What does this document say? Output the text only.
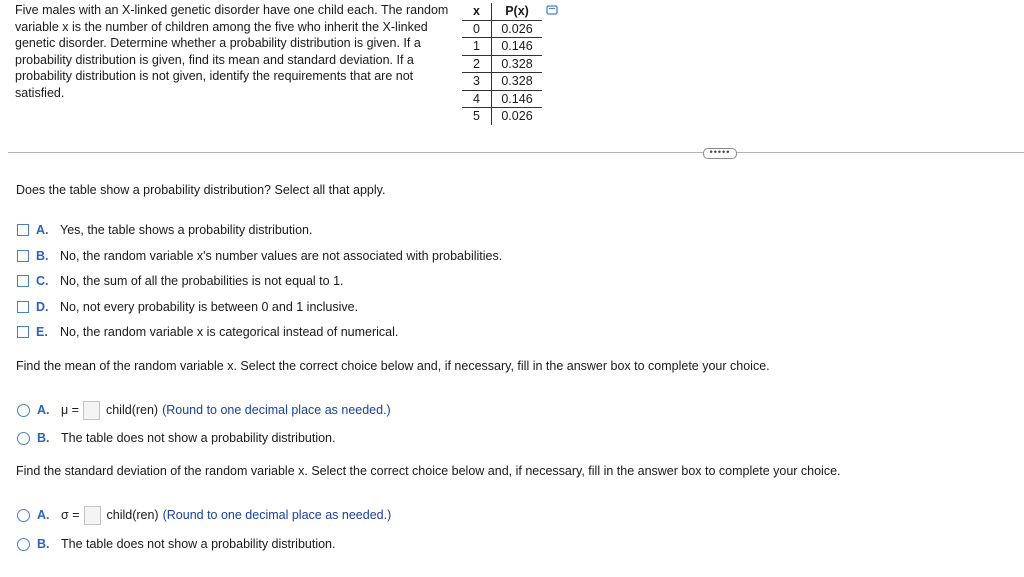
Five males with an X-linked genetic disorder have one child each. The random variable x is the number of children among the five who inherit the X-linked genetic disorder. Determine whether a probability distribution is given. If a probability distribution is given, find its mean and standard deviation. If a probability distribution is not given, identify the requirements that are not satisfied.
x	P(x)
0	0.026
1	0.146
2	0.328
3	0.328
4	0.146
5	0.026
•••••
Does the table show a probability distribution? Select all that apply.
A. Yes, the table shows a probability distribution.
B. No, the random variable x's number values are not associated with probabilities.
C. No, the sum of all the probabilities is not equal to 1.
D. No, not every probability is between 0 and 1 inclusive.
E. No, the random variable x is categorical instead of numerical.
Find the mean of the random variable x. Select the correct choice below and, if necessary, fill in the answer box to complete your choice.
A. μ = child(ren) (Round to one decimal place as needed.)
B. The table does not show a probability distribution.
Find the standard deviation of the random variable x. Select the correct choice below and, if necessary, fill in the answer box to complete your choice.
A. σ = child(ren) (Round to one decimal place as needed.)
B. The table does not show a probability distribution.
